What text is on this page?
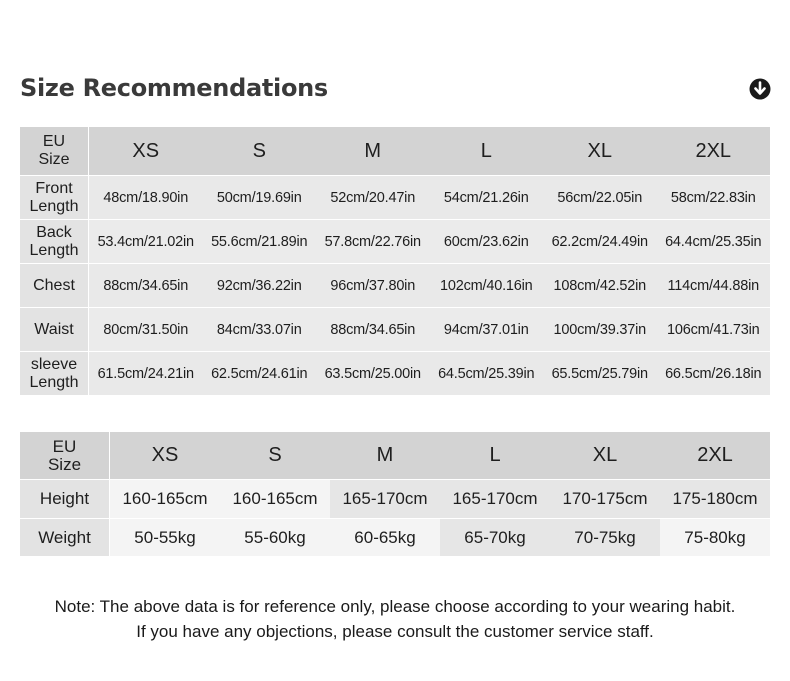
Size Recommendations
EU
Size	XS	S	M	L	XL	2XL
Front
Length	48cm/18.90in	50cm/19.69in	52cm/20.47in	54cm/21.26in	56cm/22.05in	58cm/22.83in
Back
Length	53.4cm/21.02in	55.6cm/21.89in	57.8cm/22.76in	60cm/23.62in	62.2cm/24.49in	64.4cm/25.35in
Chest	88cm/34.65in	92cm/36.22in	96cm/37.80in	102cm/40.16in	108cm/42.52in	114cm/44.88in
Waist	80cm/31.50in	84cm/33.07in	88cm/34.65in	94cm/37.01in	100cm/39.37in	106cm/41.73in
sleeve
Length	61.5cm/24.21in	62.5cm/24.61in	63.5cm/25.00in	64.5cm/25.39in	65.5cm/25.79in	66.5cm/26.18in
EU
Size	XS	S	M	L	XL	2XL
Height	160-165cm	160-165cm	165-170cm	165-170cm	170-175cm	175-180cm
Weight	50-55kg	55-60kg	60-65kg	65-70kg	70-75kg	75-80kg
Note: The above data is for reference only, please choose according to your wearing habit.
If you have any objections, please consult the customer service staff.
